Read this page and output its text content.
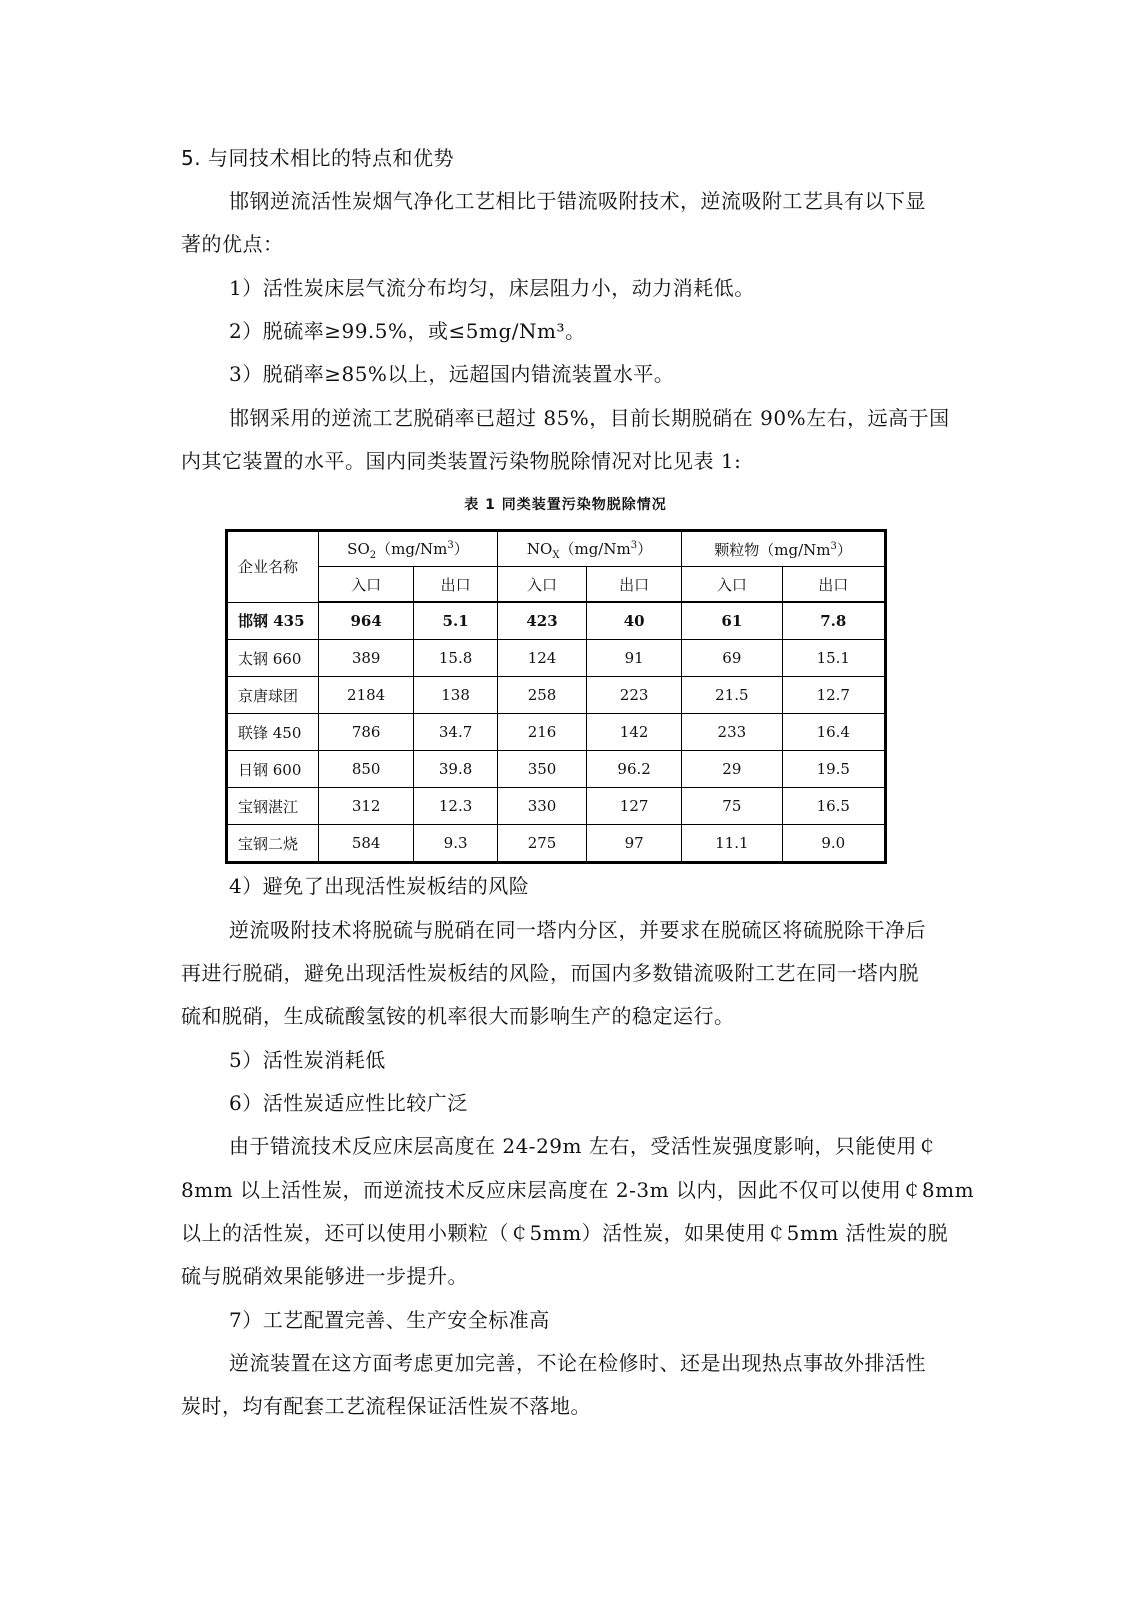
5. 与同技术相比的特点和优势
邯钢逆流活性炭烟气净化工艺相比于错流吸附技术，逆流吸附工艺具有以下显
著的优点：
1）活性炭床层气流分布均匀，床层阻力小，动力消耗低。
2）脱硫率≥99.5%，或≤5mg/Nm³。
3）脱硝率≥85%以上，远超国内错流装置水平。
邯钢采用的逆流工艺脱硝率已超过 85%，目前长期脱硝在 90%左右，远高于国
内其它装置的水平。国内同类装置污染物脱除情况对比见表 1:
表 1 同类装置污染物脱除情况
企业名称	$SO_2(mg/Nm^3)$		$NO_X(mg/Nm^3)$		颗粒物（mg/Nm$^3$）	
	入口	出口	入口	出口	入口	出口
邯钢 435	964	5.1	423	40	61	7.8
太钢 660	389	15.8	124	91	69	15.1
京唐球团	2184	138	258	223	21.5	12.7
联锋 450	786	34.7	216	142	233	16.4
日钢 600	850	39.8	350	96.2	29	19.5
宝钢湛江	312	12.3	330	127	75	16.5
宝钢二烧	584	9.3	275	97	11.1	9.0
4）避免了出现活性炭板结的风险
逆流吸附技术将脱硫与脱硝在同一塔内分区，并要求在脱硫区将硫脱除干净后
再进行脱硝，避免出现活性炭板结的风险，而国内多数错流吸附工艺在同一塔内脱
硫和脱硝，生成硫酸氢铵的机率很大而影响生产的稳定运行。
5）活性炭消耗低
6）活性炭适应性比较广泛
由于错流技术反应床层高度在 24-29m 左右，受活性炭强度影响，只能使用￠
8mm 以上活性炭，而逆流技术反应床层高度在 2-3m 以内，因此不仅可以使用￠8mm
以上的活性炭，还可以使用小颗粒（￠5mm）活性炭，如果使用￠5mm 活性炭的脱
硫与脱硝效果能够进一步提升。
7）工艺配置完善、生产安全标准高
逆流装置在这方面考虑更加完善，不论在检修时、还是出现热点事故外排活性
炭时，均有配套工艺流程保证活性炭不落地。
